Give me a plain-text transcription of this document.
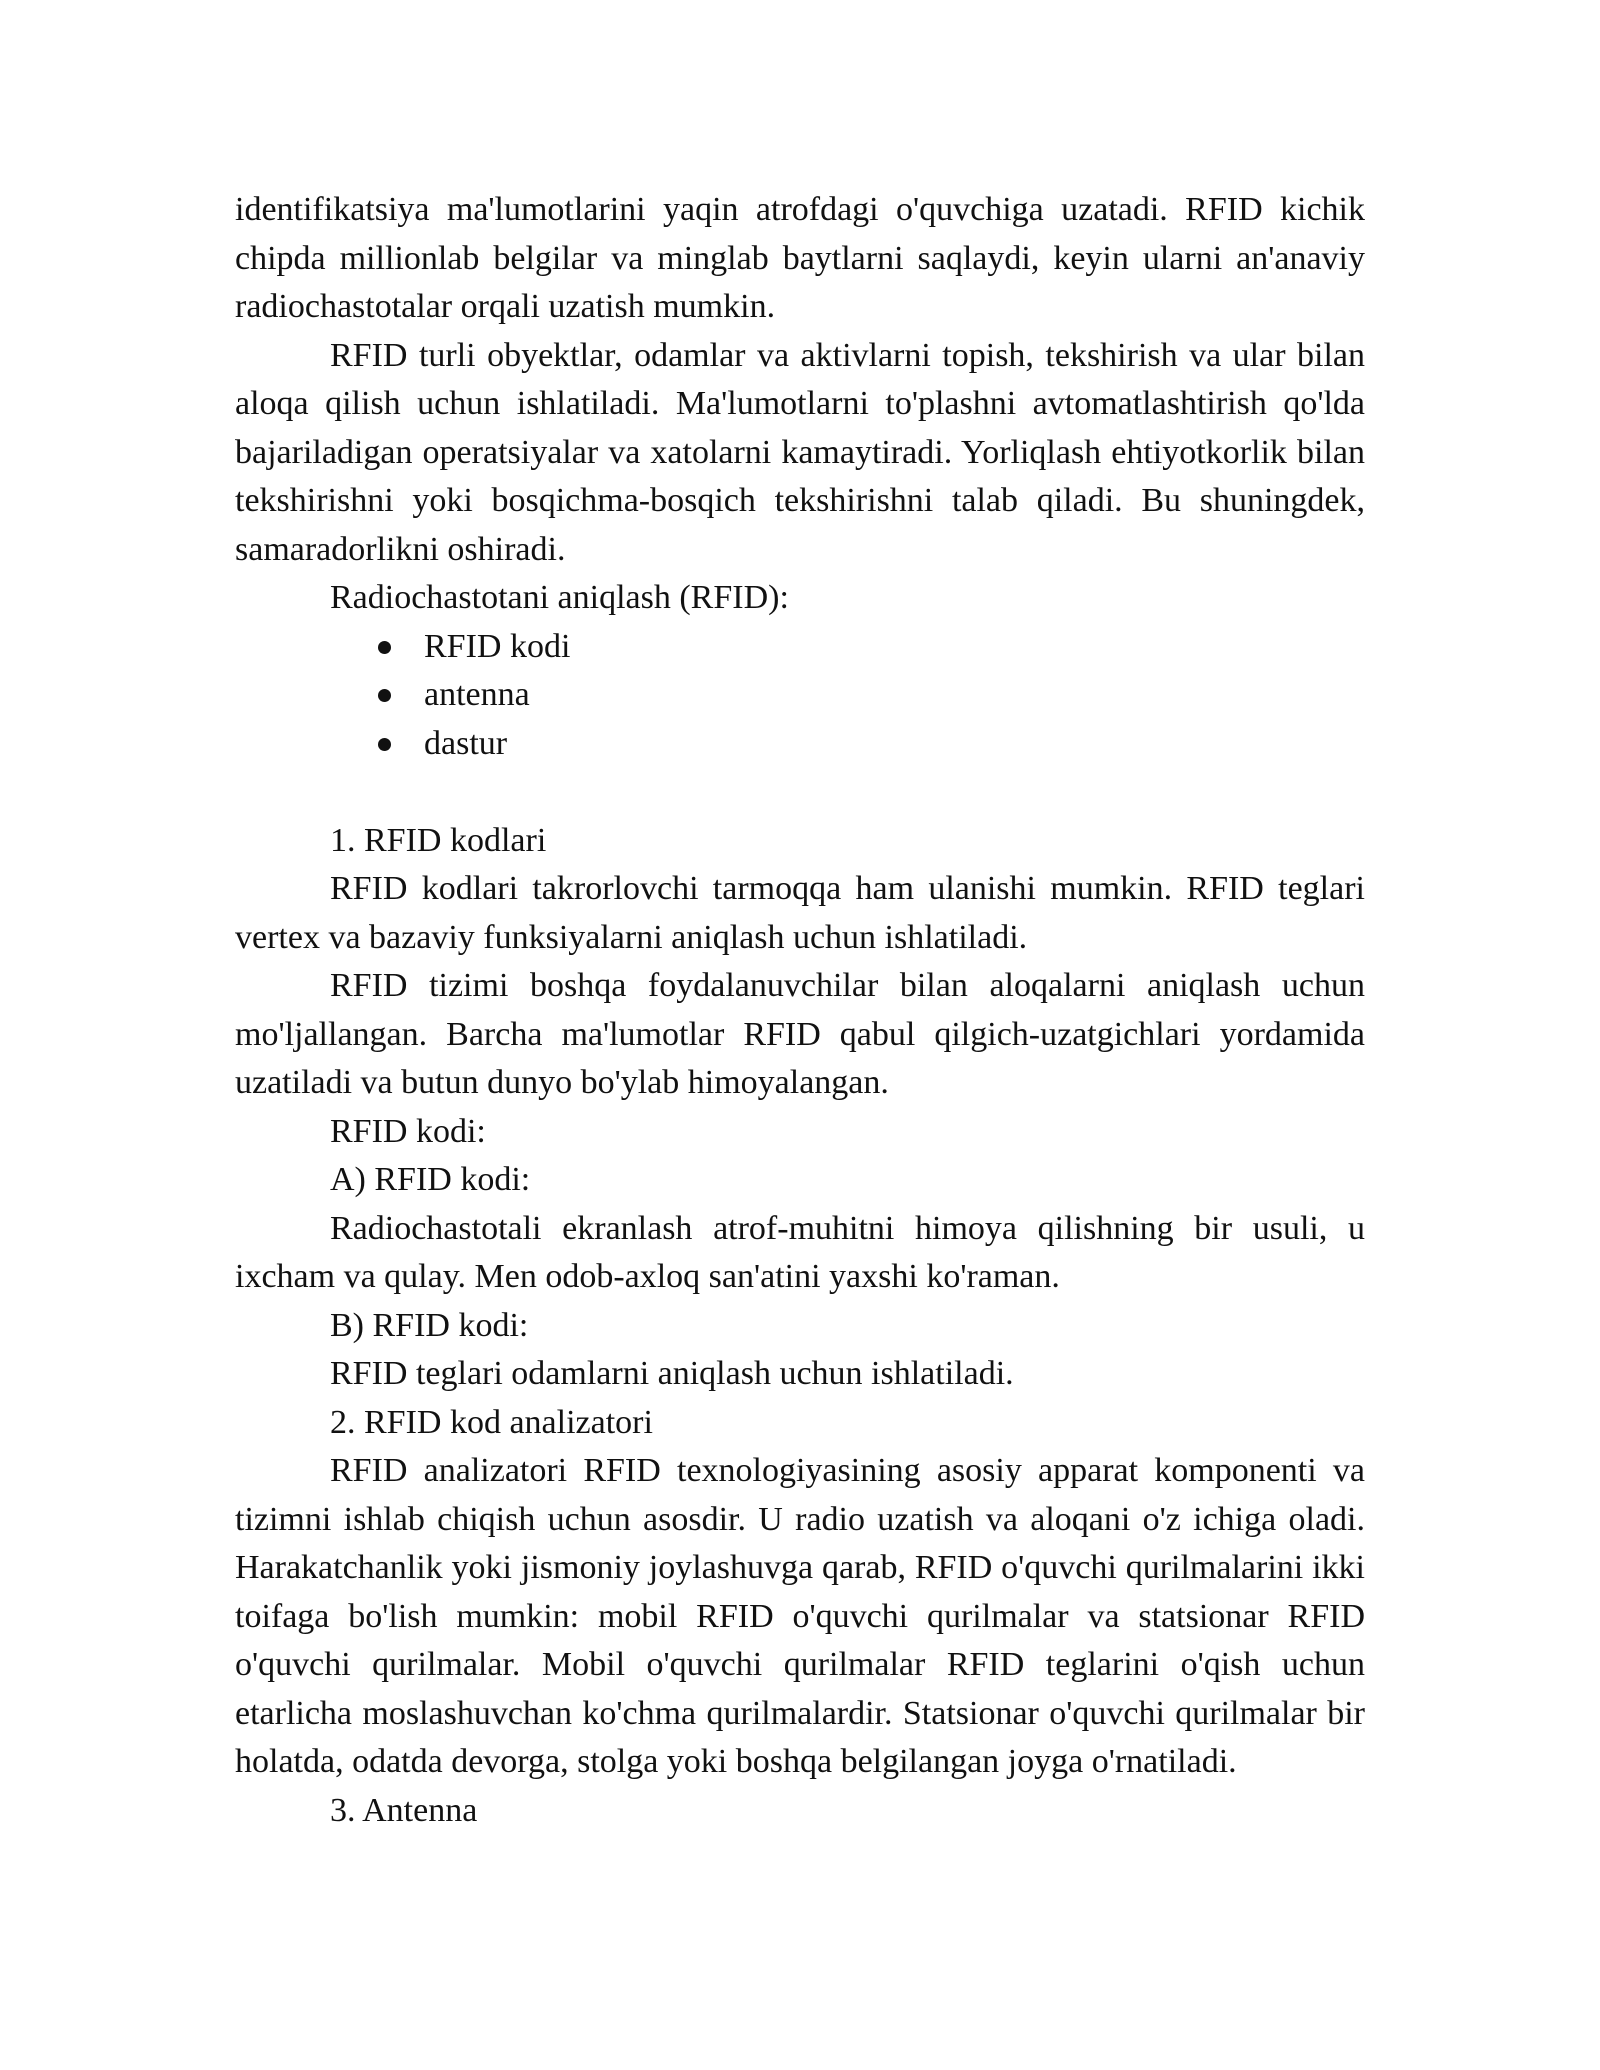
identifikatsiya ma'lumotlarini yaqin atrofdagi o'quvchiga uzatadi. RFID kichik chipda millionlab belgilar va minglab baytlarni saqlaydi, keyin ularni an'anaviy radiochastotalar orqali uzatish mumkin.

RFID turli obyektlar, odamlar va aktivlarni topish, tekshirish va ular bilan aloqa qilish uchun ishlatiladi. Ma'lumotlarni to'plashni avtomatlashtirish qo'lda bajariladigan operatsiyalar va xatolarni kamaytiradi. Yorliqlash ehtiyotkorlik bilan tekshirishni yoki bosqichma-bosqich tekshirishni talab qiladi. Bu shuningdek, samaradorlikni oshiradi.

Radiochastotani aniqlash (RFID):

RFID kodi
antenna
dastur

1. RFID kodlari

RFID kodlari takrorlovchi tarmoqqa ham ulanishi mumkin. RFID teglari vertex va bazaviy funksiyalarni aniqlash uchun ishlatiladi.

RFID tizimi boshqa foydalanuvchilar bilan aloqalarni aniqlash uchun mo'ljallangan. Barcha ma'lumotlar RFID qabul qilgich-uzatgichlari yordamida uzatiladi va butun dunyo bo'ylab himoyalangan.

RFID kodi:

A) RFID kodi:

Radiochastotali ekranlash atrof-muhitni himoya qilishning bir usuli, u ixcham va qulay. Men odob-axloq san'atini yaxshi ko'raman.

B) RFID kodi:

RFID teglari odamlarni aniqlash uchun ishlatiladi.

2. RFID kod analizatori

RFID analizatori RFID texnologiyasining asosiy apparat komponenti va tizimni ishlab chiqish uchun asosdir. U radio uzatish va aloqani o'z ichiga oladi. Harakatchanlik yoki jismoniy joylashuvga qarab, RFID o'quvchi qurilmalarini ikki toifaga bo'lish mumkin: mobil RFID o'quvchi qurilmalar va statsionar RFID o'quvchi qurilmalar. Mobil o'quvchi qurilmalar RFID teglarini o'qish uchun etarlicha moslashuvchan ko'chma qurilmalardir. Statsionar o'quvchi qurilmalar bir holatda, odatda devorga, stolga yoki boshqa belgilangan joyga o'rnatiladi.

3. Antenna
